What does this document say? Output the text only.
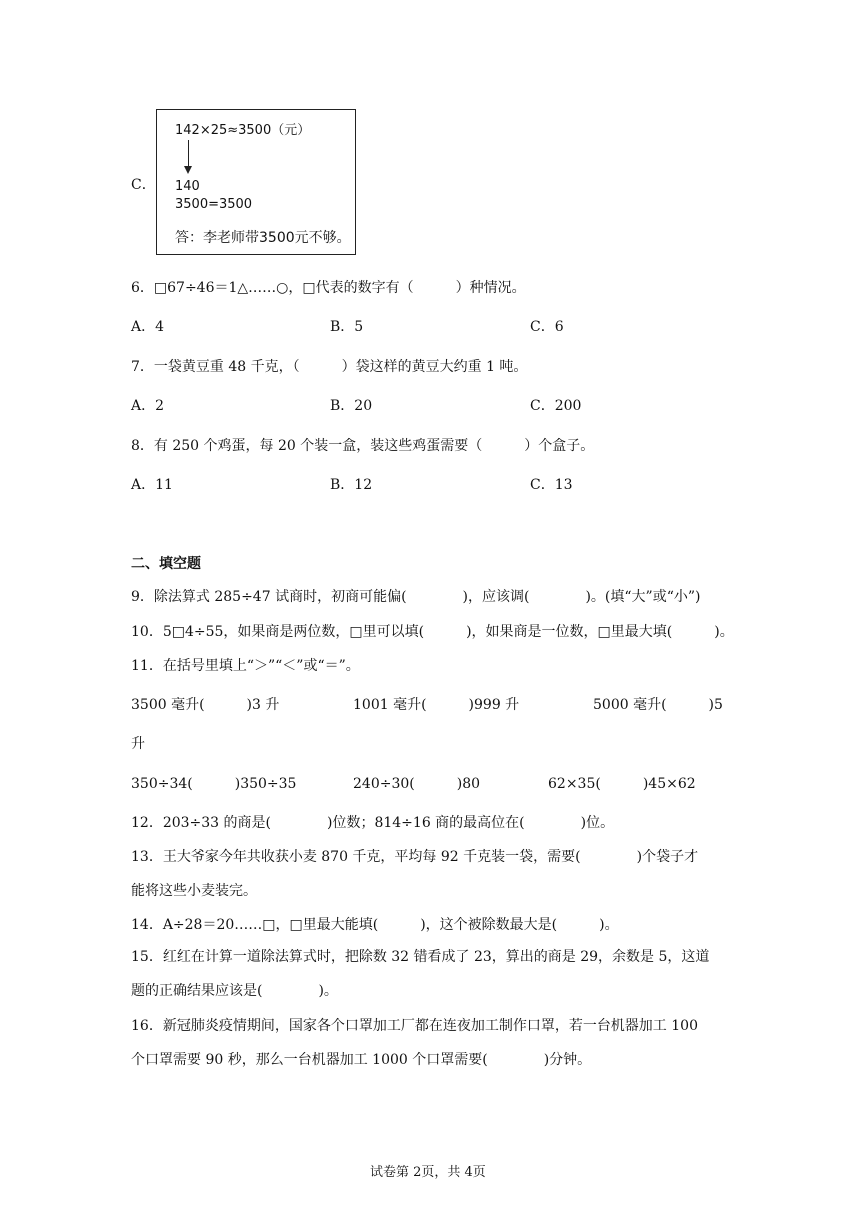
C．
142×25≈3500（元）
140
3500=3500
答：李老师带3500元不够。
6．□67÷46＝1△……○，□代表的数字有（　　　）种情况。
A．4	B．5	C．6
7．一袋黄豆重 48 千克，（　　　）袋这样的黄豆大约重 1 吨。
A．2	B．20	C．200
8．有 250 个鸡蛋，每 20 个装一盒，装这些鸡蛋需要（　　　）个盒子。
A．11	B．12	C．13
二、填空题
9．除法算式 285÷47 试商时，初商可能偏(　　　　)，应该调(　　　　)。(填“大”或“小”)
10．5□4÷55，如果商是两位数，□里可以填(　　　)，如果商是一位数，□里最大填(　　　)。
11．在括号里填上“＞”“＜”或“＝”。
3500 毫升(　　　)3 升	1001 毫升(　　　)999 升	5000 毫升(　　　)5
升
350÷34(　　　)350÷35	240÷30(　　　)80	62×35(　　　)45×62
12．203÷33 的商是(　　　　)位数；814÷16 商的最高位在(　　　　)位。
13．王大爷家今年共收获小麦 870 千克，平均每 92 千克装一袋，需要(　　　　)个袋子才
能将这些小麦装完。
14．A÷28＝20……□，□里最大能填(　　　)，这个被除数最大是(　　　)。
15．红红在计算一道除法算式时，把除数 32 错看成了 23，算出的商是 29，余数是 5，这道
题的正确结果应该是(　　　　)。
16．新冠肺炎疫情期间，国家各个口罩加工厂都在连夜加工制作口罩，若一台机器加工 100
个口罩需要 90 秒，那么一台机器加工 1000 个口罩需要(　　　　)分钟。
试卷第 2页，共 4页
